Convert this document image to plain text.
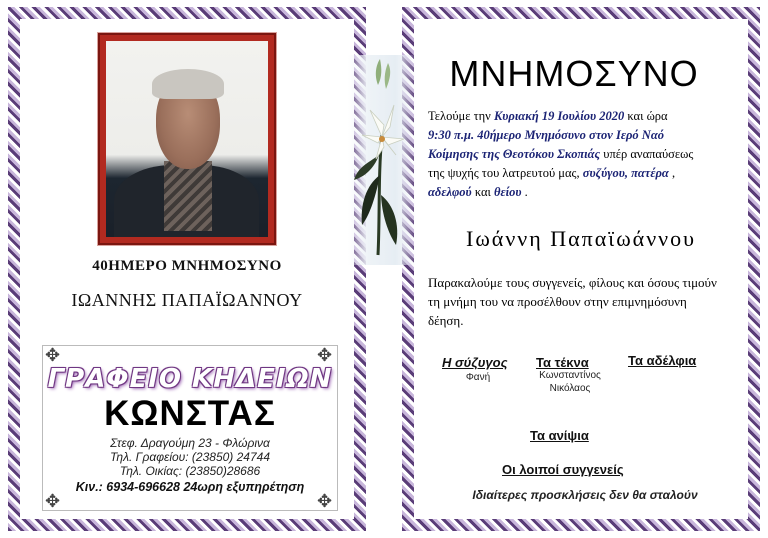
40ΗΜΕΡΟ ΜΝΗΜΟΣΥΝΟ
ΙΩΑΝΝΗΣ ΠΑΠΑΪΩΑΝΝΟΥ
✥	✥
✥	✥
ΓΡΑΦΕΙΟ ΚΗΔΕΙΩΝ
ΚΩΝΣΤΑΣ
Στεφ. Δραγούμη 23 - Φλώρινα
Τηλ. Γραφείου: (23850) 24744
Τηλ. Οικίας: (23850)28686
Κιν.: 6934-696628 24ωρη εξυπηρέτηση
ΜΝΗΜΟΣΥΝΟ
Τελούμε την Κυριακή 19 Ιουλίου 2020 και ώρα
9:30 π.μ. 40ήμερο Μνημόσυνο στον Ιερό Ναό
Κοίμησης της Θεοτόκου Σκοπιάς υπέρ αναπαύσεως
της ψυχής του λατρευτού μας, συζύγου, πατέρα ,
αδελφού και θείου .
Ιωάννη Παπαϊωάννου
Παρακαλούμε τους συγγενείς, φίλους και όσους τιμούν τη μνήμη του να προσέλθουν στην επιμνημόσυνη δέηση.
Η σύζυγος
Φανή
Τα τέκνα
Κωνσταντίνος
Νικόλαος
Τα αδέλφια
Τα ανίψια
Οι λοιποί συγγενείς
Ιδιαίτερες προσκλήσεις δεν θα σταλούν
